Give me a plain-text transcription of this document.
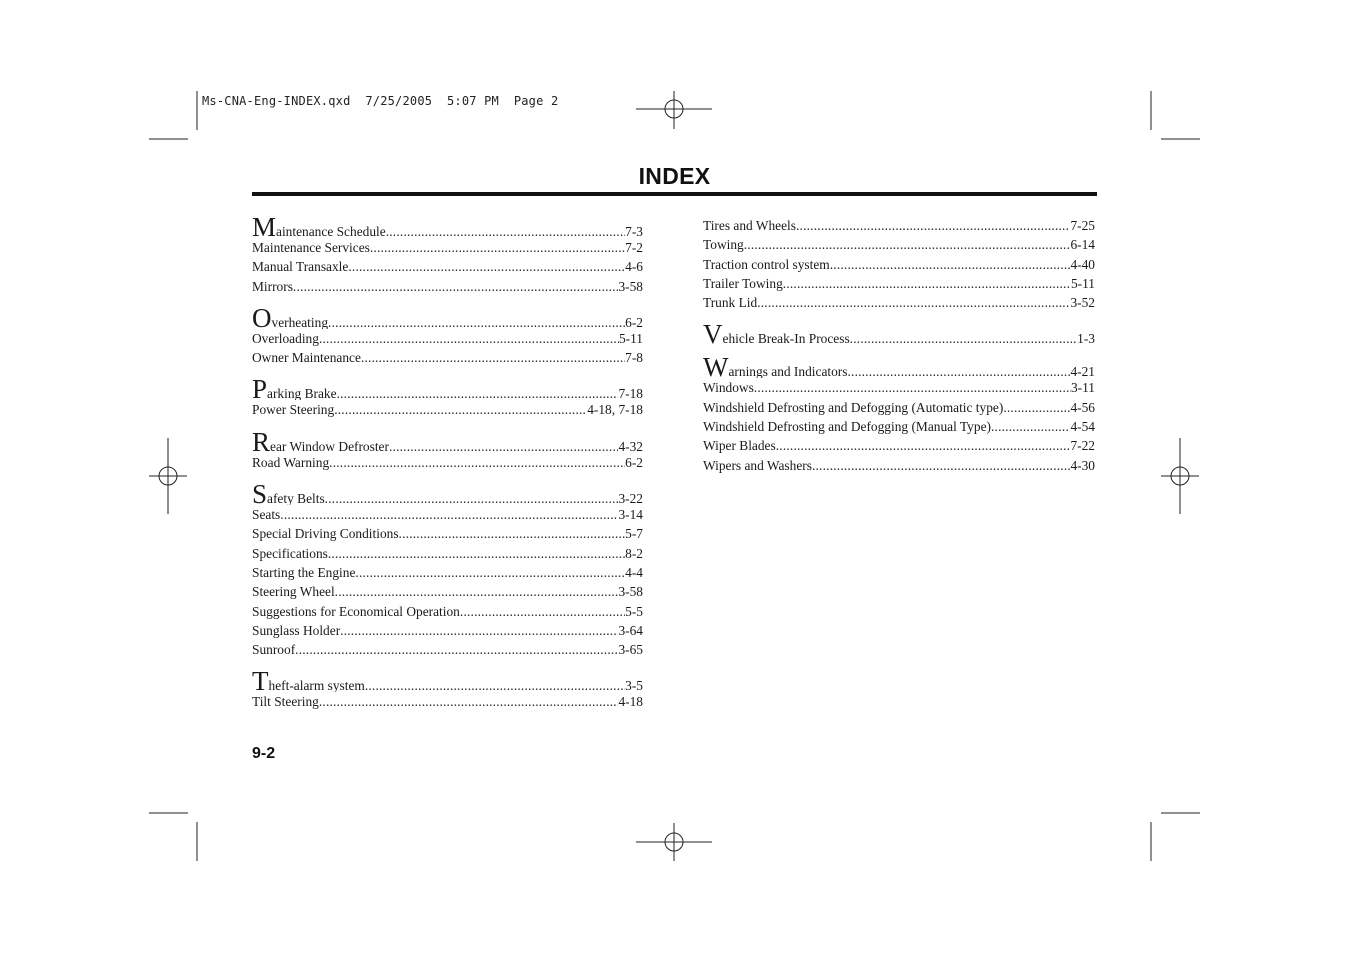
Ms-CNA-Eng-INDEX.qxd  7/25/2005  5:07 PM  Page 2
INDEX
M aintenance Schedule .....	7-3
Maintenance Services .....	7-2
Manual Transaxle .....	4-6
Mirrors .....	3-58
O verheating .....	6-2
Overloading .....	5-11
Owner Maintenance .....	7-8
P arking Brake .....	7-18
Power Steering .....	4-18, 7-18
R ear Window Defroster .....	4-32
Road Warning .....	6-2
S afety Belts .....	3-22
Seats .....	3-14
Special Driving Conditions .....	5-7
Specifications .....	8-2
Starting the Engine .....	4-4
Steering Wheel .....	3-58
Suggestions for Economical Operation .....	5-5
Sunglass Holder .....	3-64
Sunroof .....	3-65
T heft-alarm system .....	3-5
Tilt Steering .....	4-18
Tires and Wheels .....	7-25
Towing .....	6-14
Traction control system .....	4-40
Trailer Towing .....	5-11
Trunk Lid .....	3-52
V ehicle Break-In Process .....	1-3
W arnings and Indicators .....	4-21
Windows .....	3-11
Windshield Defrosting and Defogging (Automatic type) .....	4-56
Windshield Defrosting and Defogging (Manual Type) .....	4-54
Wiper Blades .....	7-22
Wipers and Washers .....	4-30
9-2
